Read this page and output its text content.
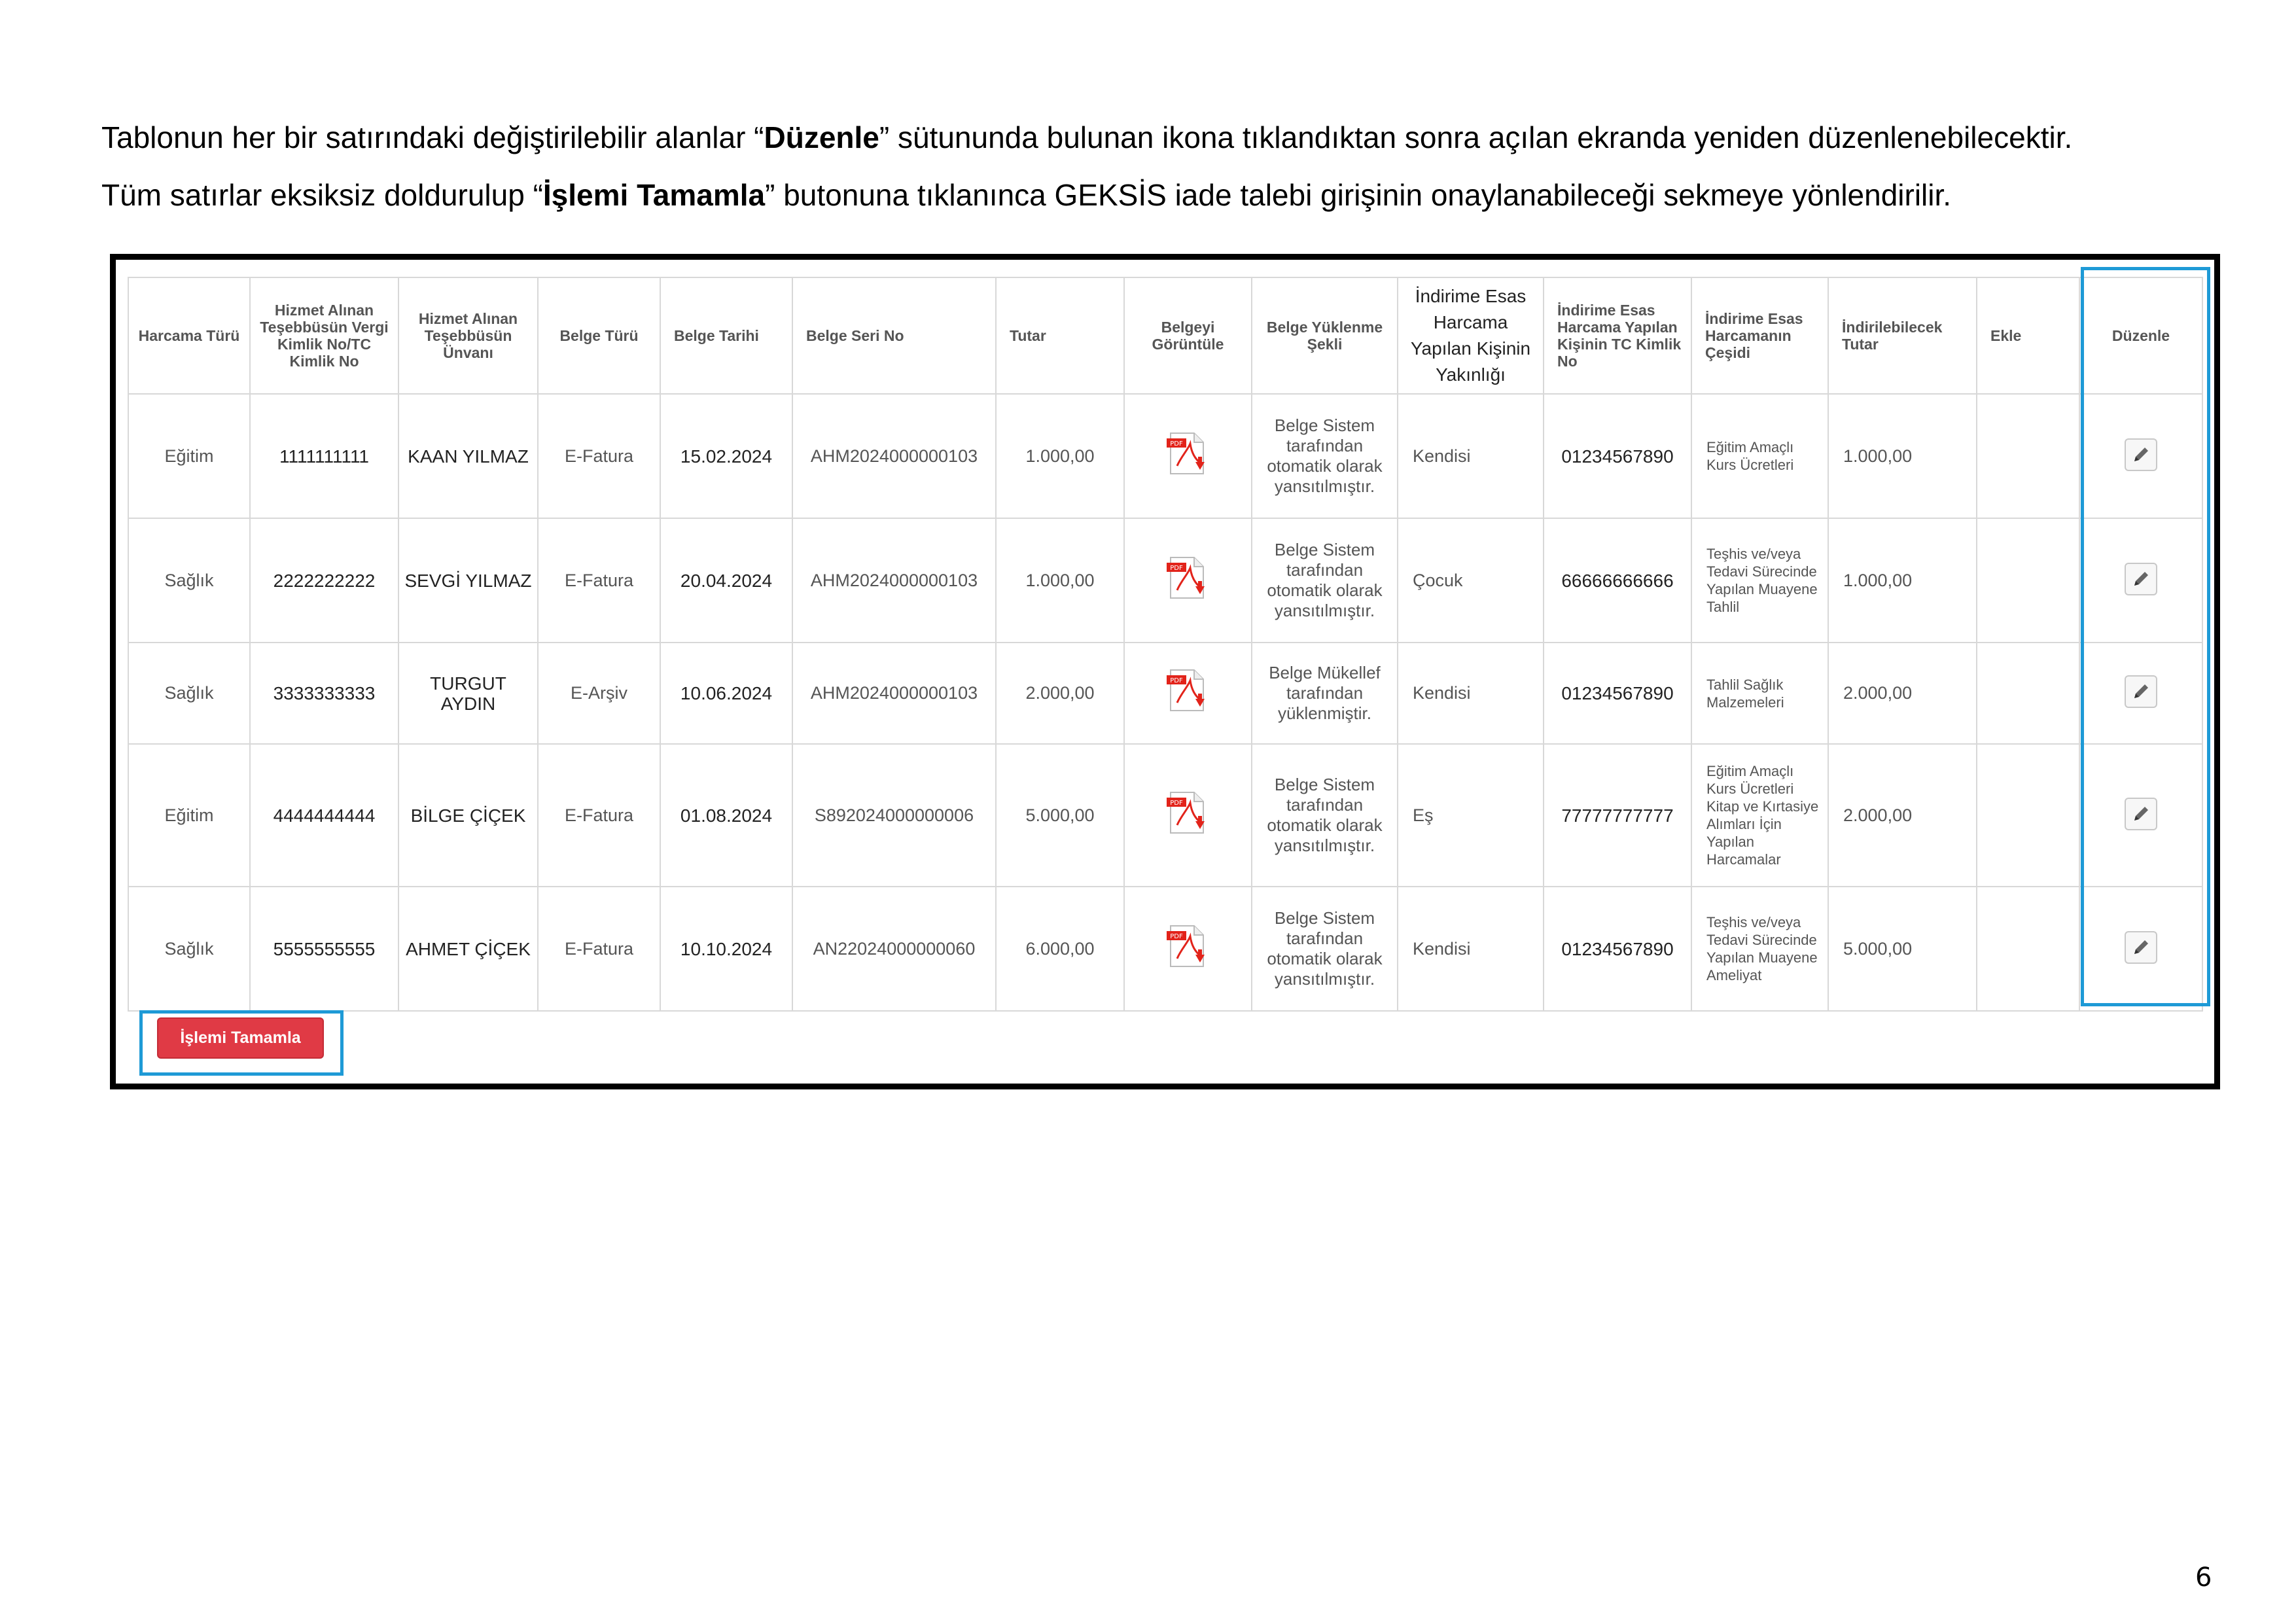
Tablonun her bir satırındaki değiştirilebilir alanlar “Düzenle” sütununda bulunan ikona tıklandıktan sonra açılan ekranda yeniden düzenlenebilecektir.

Tüm satırlar eksiksiz doldurulup “İşlemi Tamamla” butonuna tıklanınca GEKSİS iade talebi girişinin onaylanabileceği sekmeye yönlendirilir.

Harcama Türü	Hizmet Alınan Teşebbüsün Vergi Kimlik No/TC Kimlik No	Hizmet Alınan Teşebbüsün Ünvanı	Belge Türü	Belge Tarihi	Belge Seri No	Tutar	Belgeyi Görüntüle	Belge Yüklenme Şekli	İndirime Esas Harcama Yapılan Kişinin Yakınlığı	İndirime Esas Harcama Yapılan Kişinin TC Kimlik No	İndirime Esas Harcamanın Çeşidi	İndirilebilecek Tutar	Ekle	Düzenle
Eğitim	1111111111	KAAN YILMAZ	E-Fatura	15.02.2024	AHM2024000000103	1.000,00	PDF	Belge Sistem tarafından otomatik olarak yansıtılmıştır.	Kendisi	01234567890	Eğitim Amaçlı Kurs Ücretleri	1.000,00		
Sağlık	2222222222	SEVGİ YILMAZ	E-Fatura	20.04.2024	AHM2024000000103	1.000,00	PDF	Belge Sistem tarafından otomatik olarak yansıtılmıştır.	Çocuk	66666666666	Teşhis ve/veya Tedavi Sürecinde Yapılan Muayene Tahlil	1.000,00		
Sağlık	3333333333	TURGUT AYDIN	E-Arşiv	10.06.2024	AHM2024000000103	2.000,00	PDF	Belge Mükellef tarafından yüklenmiştir.	Kendisi	01234567890	Tahlil Sağlık Malzemeleri	2.000,00		
Eğitim	4444444444	BİLGE ÇİÇEK	E-Fatura	01.08.2024	S892024000000006	5.000,00	PDF	Belge Sistem tarafından otomatik olarak yansıtılmıştır.	Eş	77777777777	Eğitim Amaçlı Kurs Ücretleri Kitap ve Kırtasiye Alımları İçin Yapılan Harcamalar	2.000,00		
Sağlık	5555555555	AHMET ÇİÇEK	E-Fatura	10.10.2024	AN22024000000060	6.000,00	PDF	Belge Sistem tarafından otomatik olarak yansıtılmıştır.	Kendisi	01234567890	Teşhis ve/veya Tedavi Sürecinde Yapılan Muayene Ameliyat	5.000,00		
İşlemi Tamamla
6
